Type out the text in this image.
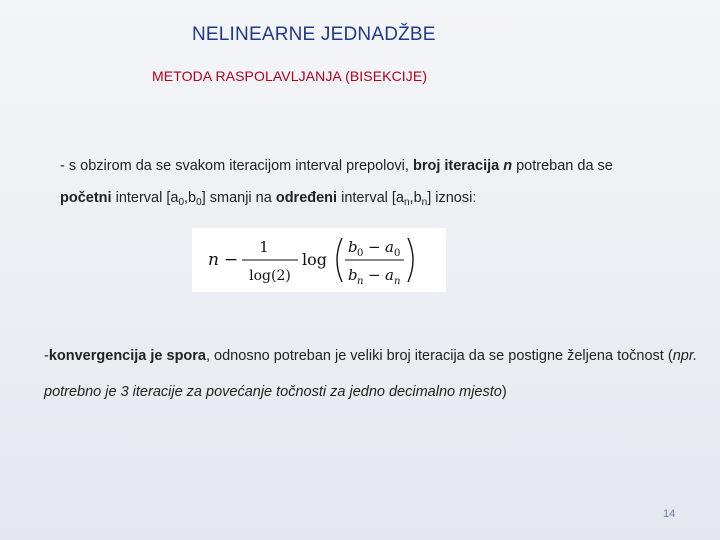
NELINEARNE JEDNADŽBE
METODA RASPOLAVLJANJA (BISEKCIJE)
- s obzirom da se svakom iteracijom interval prepolovi, broj iteracija n potreban da se
početni interval $[a_0,b_0]$ smanji na određeni interval $[a_n,b_n]$ iznosi:
n −
1
log(2)
log
b 0 − a 0
b n − a n
-konvergencija je spora, odnosno potreban je veliki broj iteracija da se postigne željena točnost (npr. potrebno je 3 iteracije za povećanje točnosti za jedno decimalno mjesto)
14
